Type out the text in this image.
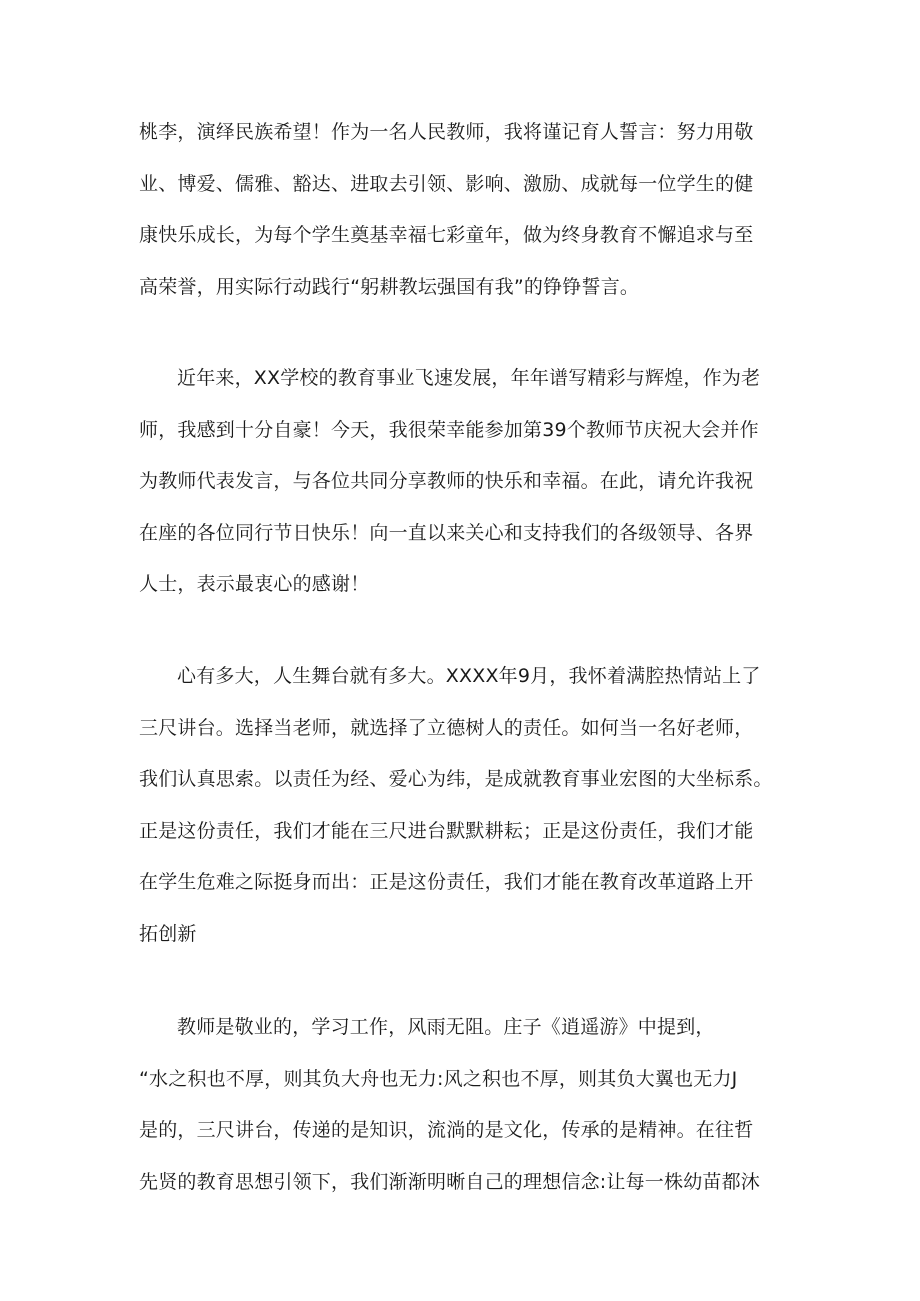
桃李，演绎民族希望！作为一名人民教师，我将谨记育人誓言：努力用敬
业、博爱、儒雅、豁达、进取去引领、影响、激励、成就每一位学生的健
康快乐成长，为每个学生奠基幸福七彩童年，做为终身教育不懈追求与至
高荣誉，用实际行动践行“躬耕教坛强国有我”的铮铮誓言。
近年来，XX学校的教育事业飞速发展，年年谱写精彩与辉煌，作为老
师，我感到十分自豪！今天，我很荣幸能参加第39个教师节庆祝大会并作
为教师代表发言，与各位共同分享教师的快乐和幸福。在此，请允许我祝
在座的各位同行节日快乐！向一直以来关心和支持我们的各级领导、各界
人士，表示最衷心的感谢！
心有多大，人生舞台就有多大。XXXX年9月，我怀着满腔热情站上了
三尺讲台。选择当老师，就选择了立德树人的责任。如何当一名好老师，
我们认真思索。以责任为经、爱心为纬，是成就教育事业宏图的大坐标系。
正是这份责任，我们才能在三尺进台默默耕耘；正是这份责任，我们才能
在学生危难之际挺身而出：正是这份责任，我们才能在教育改革道路上开
拓创新
教师是敬业的，学习工作，风雨无阻。庄子《逍遥游》中提到，
“水之积也不厚，则其负大舟也无力:风之积也不厚，则其负大翼也无力J
是的，三尺讲台，传递的是知识，流淌的是文化，传承的是精神。在往哲
先贤的教育思想引领下，我们渐渐明晰自己的理想信念:让每一株幼苗都沐
